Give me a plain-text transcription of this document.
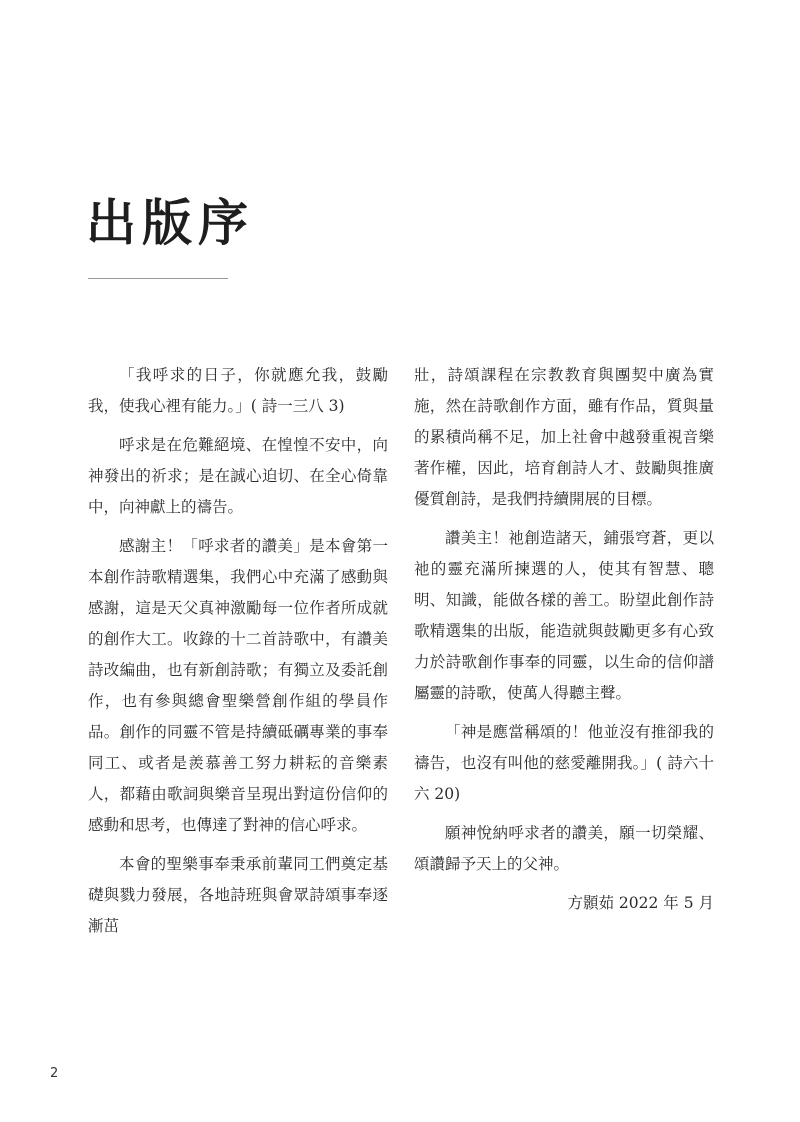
出版序

「我呼求的日子，你就應允我，鼓勵我，使我心裡有能力。」( 詩一三八 3)

呼求是在危難絕境、在惶惶不安中，向神發出的祈求；是在誠心迫切、在全心倚靠中，向神獻上的禱告。

感謝主！「呼求者的讚美」是本會第一本創作詩歌精選集，我們心中充滿了感動與感謝，這是天父真神激勵每一位作者所成就的創作大工。收錄的十二首詩歌中，有讚美詩改編曲，也有新創詩歌；有獨立及委託創作，也有參與總會聖樂營創作組的學員作品。創作的同靈不管是持續砥礪專業的事奉同工、或者是羨慕善工努力耕耘的音樂素人，都藉由歌詞與樂音呈現出對這份信仰的感動和思考，也傳達了對神的信心呼求。

本會的聖樂事奉秉承前輩同工們奠定基礎與戮力發展，各地詩班與會眾詩頌事奉逐漸茁

壯，詩頌課程在宗教教育與團契中廣為實施，然在詩歌創作方面，雖有作品，質與量的累積尚稱不足，加上社會中越發重視音樂著作權，因此，培育創詩人才、鼓勵與推廣優質創詩，是我們持續開展的目標。

讚美主！祂創造諸天，鋪張穹蒼，更以祂的靈充滿所揀選的人，使其有智慧、聰明、知識，能做各樣的善工。盼望此創作詩歌精選集的出版，能造就與鼓勵更多有心致力於詩歌創作事奉的同靈，以生命的信仰譜屬靈的詩歌，使萬人得聽主聲。

「神是應當稱頌的！他並沒有推卻我的禱告，也沒有叫他的慈愛離開我。」( 詩六十六 20)

願神悅納呼求者的讚美，願一切榮耀、頌讚歸予天上的父神。

方顥茹 2022 年 5 月

2
